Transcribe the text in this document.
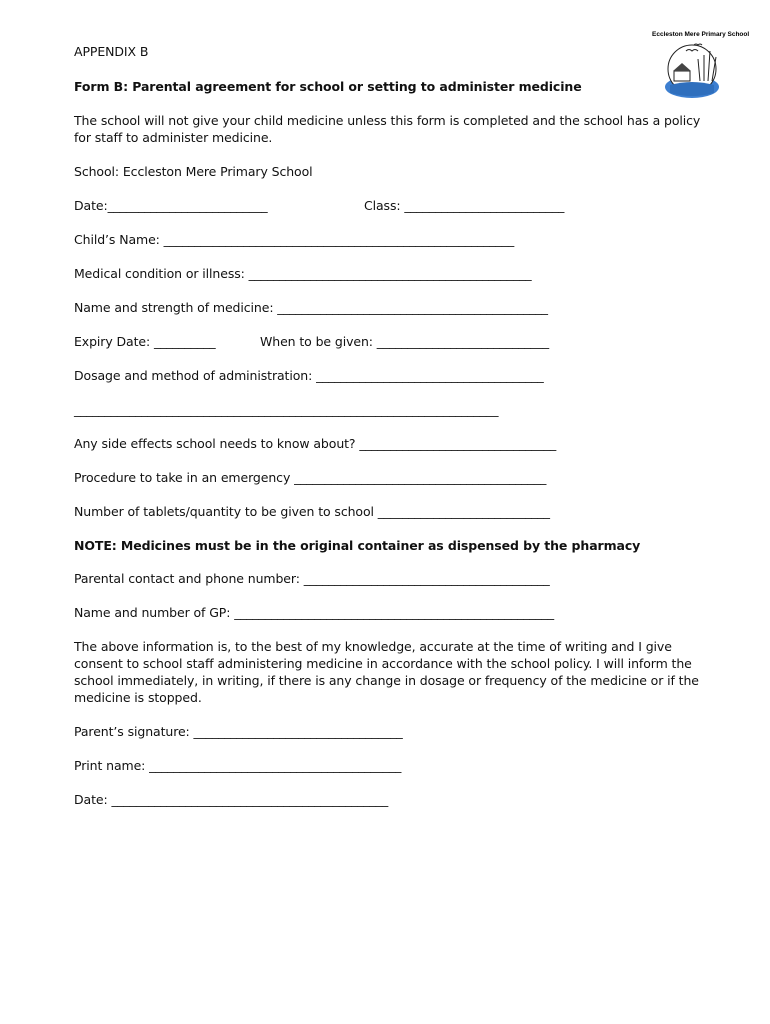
Eccleston Mere Primary School
APPENDIX B
Form B: Parental agreement for school or setting to administer medicine
The school will not give your child medicine unless this form is completed and the school has a policy
for staff to administer medicine.
School: Eccleston Mere Primary School
Date:__________________________	Class: __________________________
Child’s Name: _________________________________________________________
Medical condition or illness: ______________________________________________
Name and strength of medicine: ____________________________________________
Expiry Date: __________	When to be given: ____________________________
Dosage and method of administration: _____________________________________
_____________________________________________________________________
Any side effects school needs to know about? ________________________________
Procedure to take in an emergency _________________________________________
Number of tablets/quantity to be given to school ____________________________
NOTE: Medicines must be in the original container as dispensed by the pharmacy
Parental contact and phone number: ________________________________________
Name and number of GP: ____________________________________________________
The above information is, to the best of my knowledge, accurate at the time of writing and I give
consent to school staff administering medicine in accordance with the school policy. I will inform the
school immediately, in writing, if there is any change in dosage or frequency of the medicine or if the
medicine is stopped.
Parent’s signature: __________________________________
Print name: _________________________________________
Date: _____________________________________________
